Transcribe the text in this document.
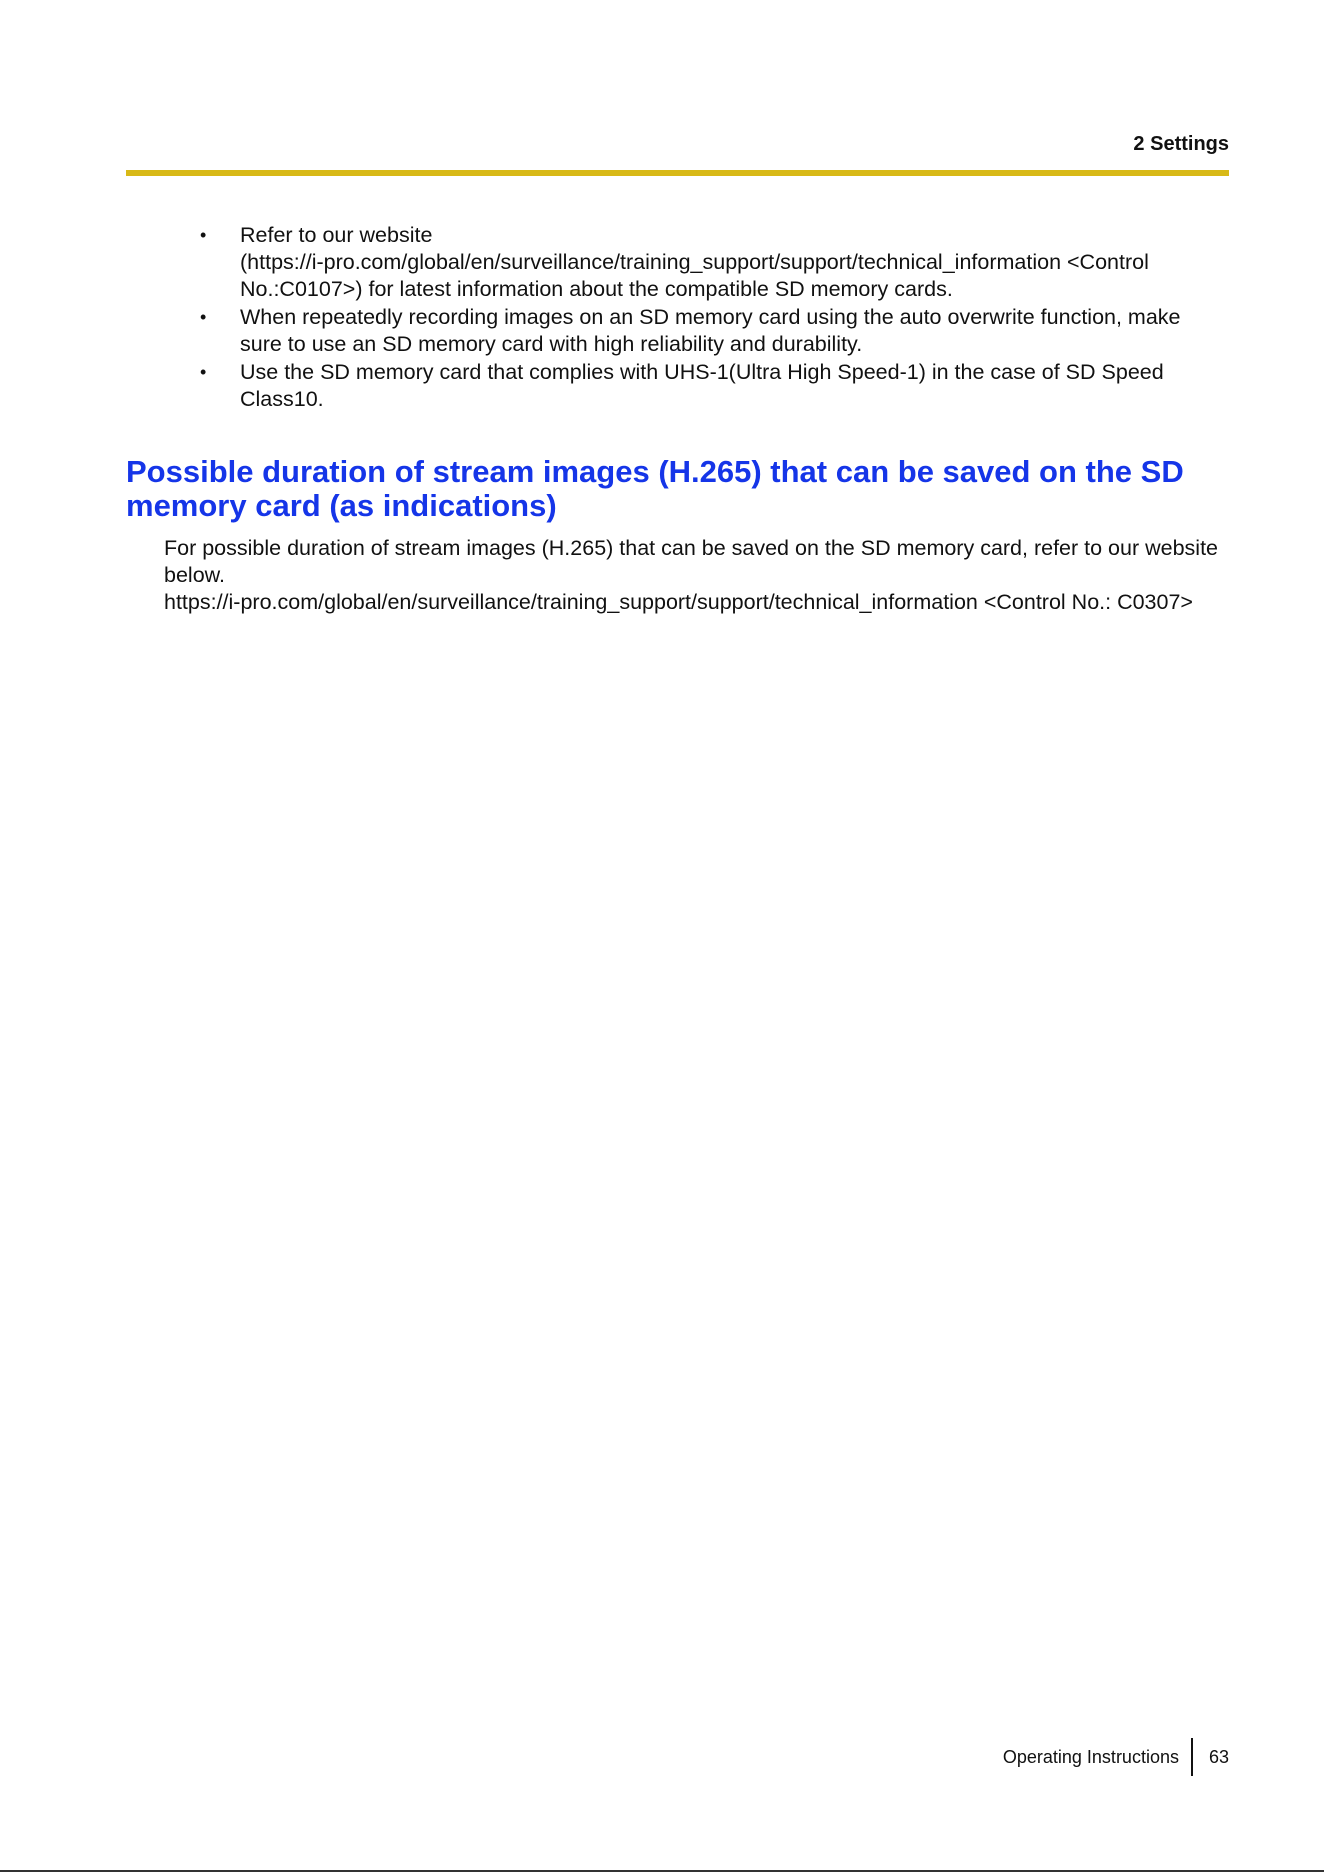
2 Settings
• Refer to our website
(https://i-pro.com/global/en/surveillance/training_support/support/technical_information <Control
No.:C0107>) for latest information about the compatible SD memory cards.
• When repeatedly recording images on an SD memory card using the auto overwrite function, make
sure to use an SD memory card with high reliability and durability.
• Use the SD memory card that complies with UHS-1(Ultra High Speed-1) in the case of SD Speed
Class10.
Possible duration of stream images (H.265) that can be saved on the SD memory card (as indications)

For possible duration of stream images (H.265) that can be saved on the SD memory card, refer to our website below.

https://i-pro.com/global/en/surveillance/training_support/support/technical_information <Control No.: C0307>

Operating Instructions 63
